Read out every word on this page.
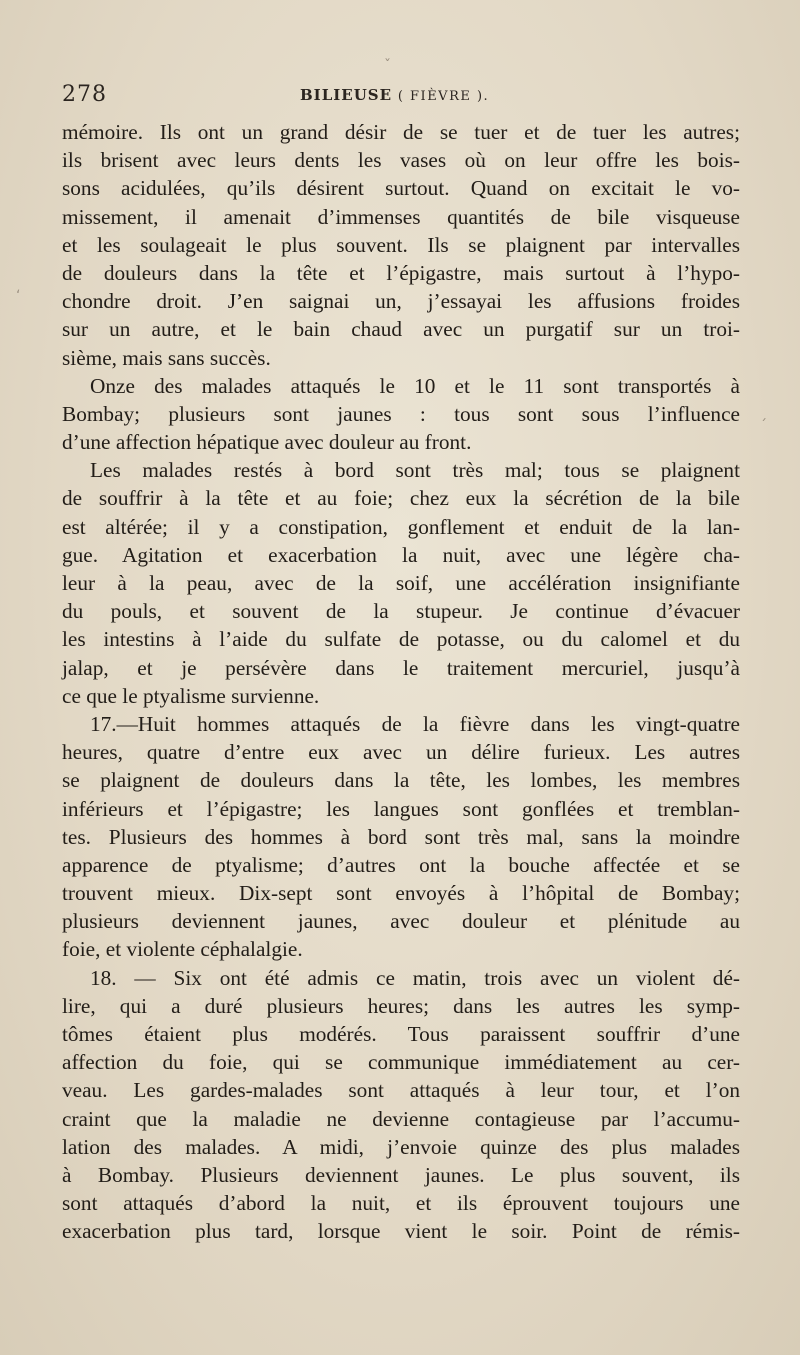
278	BILIEUSE ( FIÈVRE ).
mémoire. Ils ont un grand désir de se tuer et de tuer les autres;
ils brisent avec leurs dents les vases où on leur offre les bois-
sons acidulées, qu’ils désirent surtout. Quand on excitait le vo-
missement, il amenait d’immenses quantités de bile visqueuse
et les soulageait le plus souvent. Ils se plaignent par intervalles
de douleurs dans la tête et l’épigastre, mais surtout à l’hypo-
chondre droit. J’en saignai un, j’essayai les affusions froides
sur un autre, et le bain chaud avec un purgatif sur un troi-
sième, mais sans succès.
Onze des malades attaqués le 10 et le 11 sont transportés à
Bombay; plusieurs sont jaunes : tous sont sous l’influence
d’une affection hépatique avec douleur au front.
Les malades restés à bord sont très mal; tous se plaignent
de souffrir à la tête et au foie; chez eux la sécrétion de la bile
est altérée; il y a constipation, gonflement et enduit de la lan-
gue. Agitation et exacerbation la nuit, avec une légère cha-
leur à la peau, avec de la soif, une accélération insignifiante
du pouls, et souvent de la stupeur. Je continue d’évacuer
les intestins à l’aide du sulfate de potasse, ou du calomel et du
jalap, et je persévère dans le traitement mercuriel, jusqu’à
ce que le ptyalisme survienne.
17.—Huit hommes attaqués de la fièvre dans les vingt-quatre
heures, quatre d’entre eux avec un délire furieux. Les autres
se plaignent de douleurs dans la tête, les lombes, les membres
inférieurs et l’épigastre; les langues sont gonflées et tremblan-
tes. Plusieurs des hommes à bord sont très mal, sans la moindre
apparence de ptyalisme; d’autres ont la bouche affectée et se
trouvent mieux. Dix-sept sont envoyés à l’hôpital de Bombay;
plusieurs deviennent jaunes, avec douleur et plénitude au
foie, et violente céphalalgie.
18. — Six ont été admis ce matin, trois avec un violent dé-
lire, qui a duré plusieurs heures; dans les autres les symp-
tômes étaient plus modérés. Tous paraissent souffrir d’une
affection du foie, qui se communique immédiatement au cer-
veau. Les gardes-malades sont attaqués à leur tour, et l’on
craint que la maladie ne devienne contagieuse par l’accumu-
lation des malades. A midi, j’envoie quinze des plus malades
à Bombay. Plusieurs deviennent jaunes. Le plus souvent, ils
sont attaqués d’abord la nuit, et ils éprouvent toujours une
exacerbation plus tard, lorsque vient le soir. Point de rémis-
‘
ˇ
ˊ
